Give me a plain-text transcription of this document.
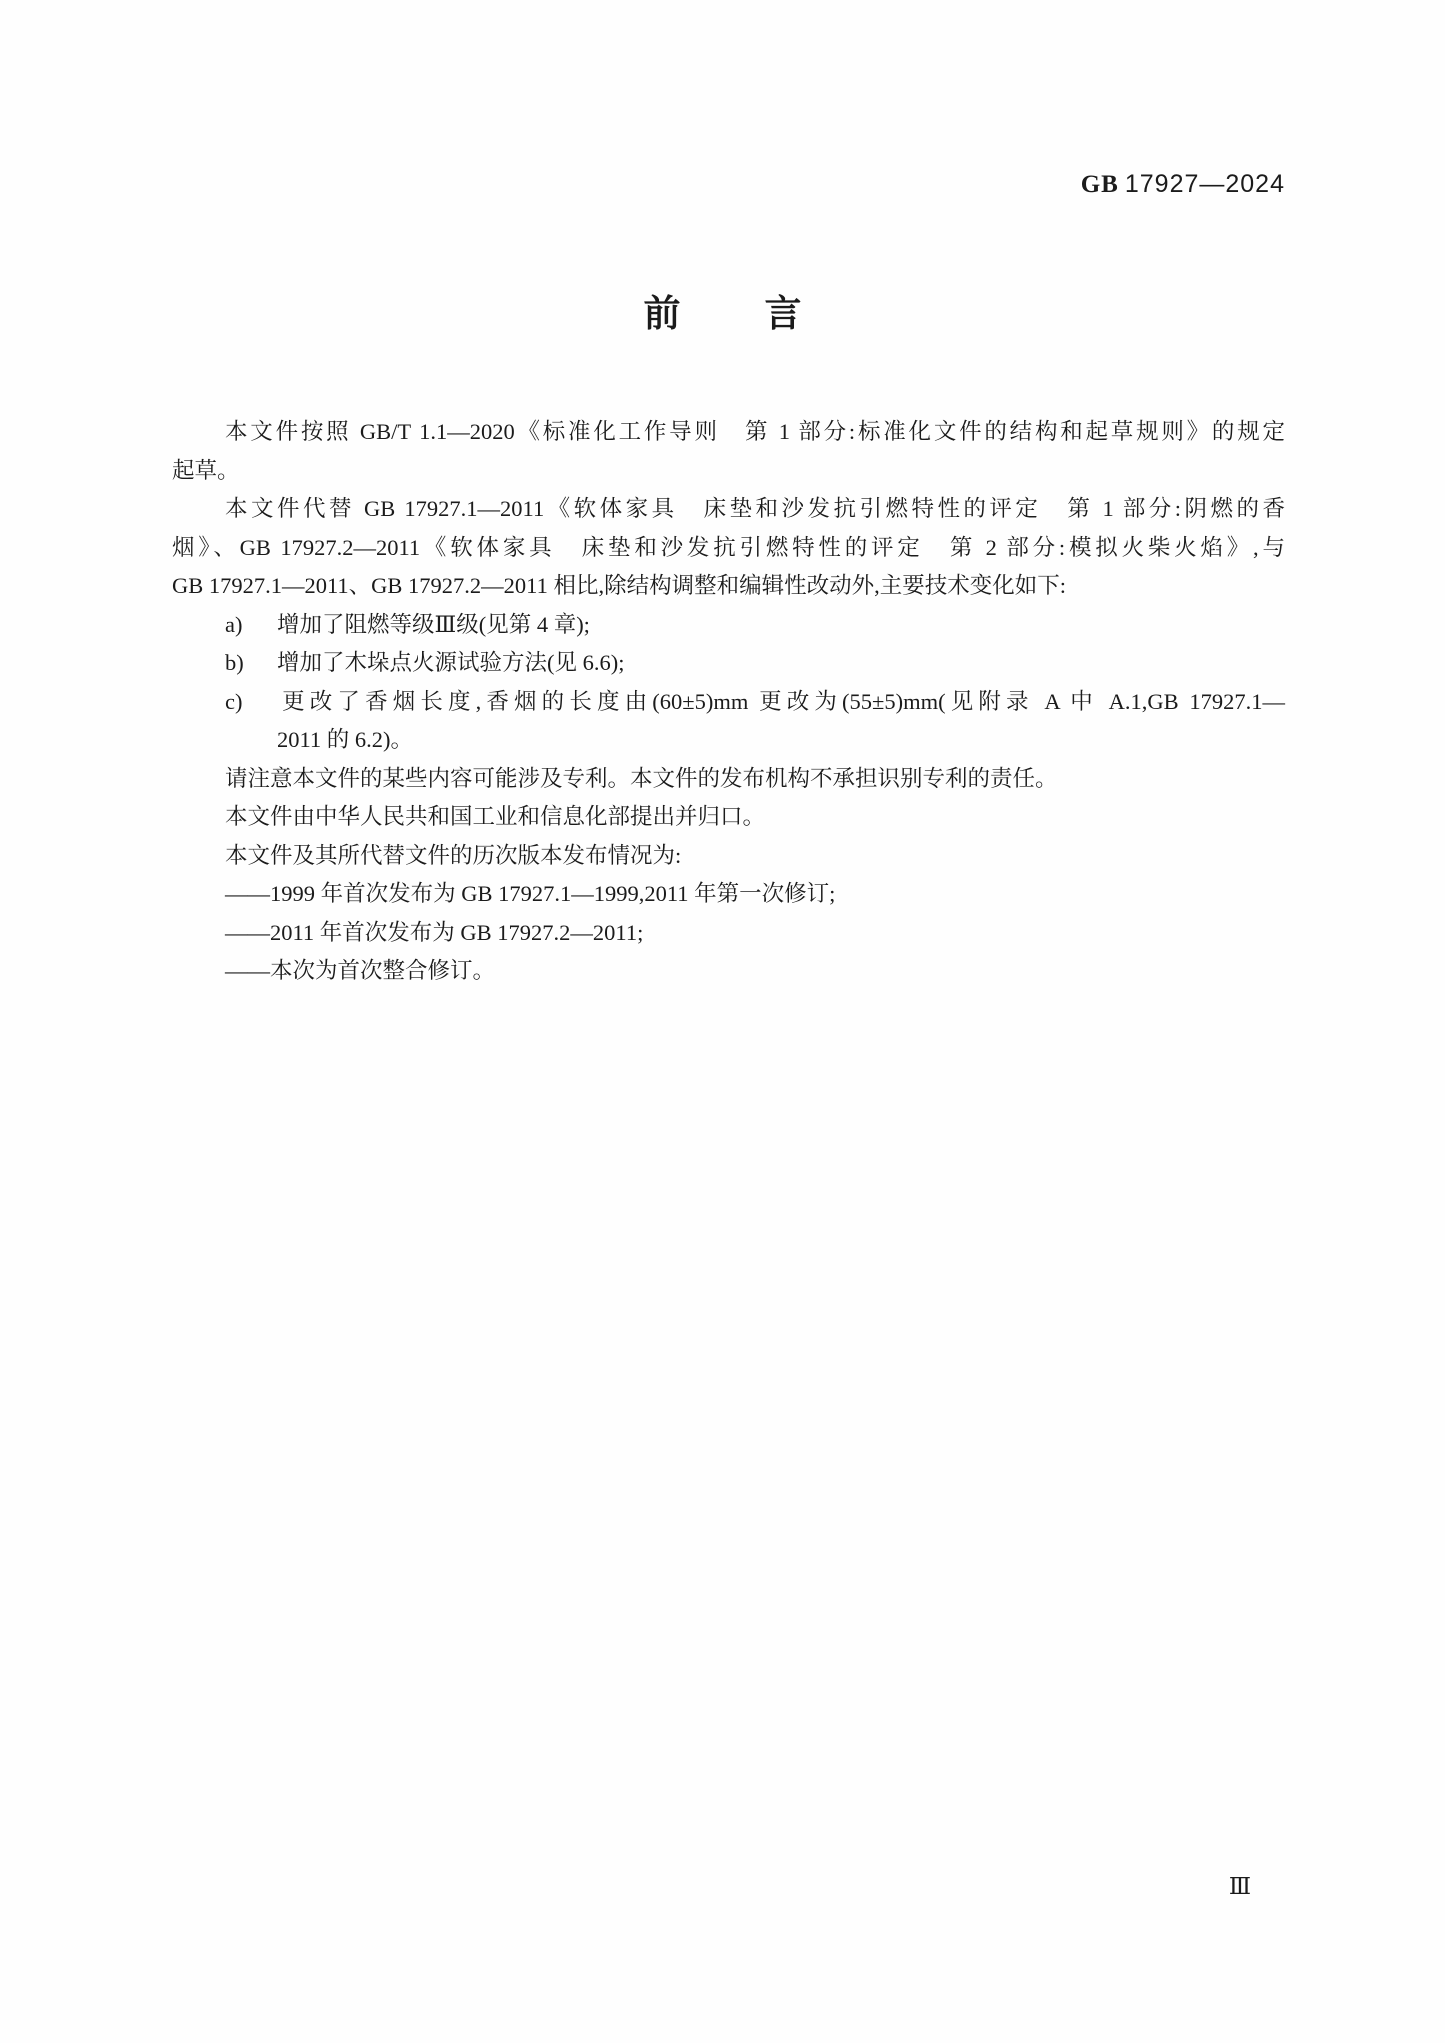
GB 17927—2024
前 言
本文件按照 GB/T 1.1—2020《标准化工作导则　第 1 部分:标准化文件的结构和起草规则》的规定
起草。
本文件代替 GB 17927.1—2011《软体家具　床垫和沙发抗引燃特性的评定　第 1 部分:阴燃的香
烟》、GB 17927.2—2011《软体家具　床垫和沙发抗引燃特性的评定　第 2 部分:模拟火柴火焰》,与
GB 17927.1—2011、GB 17927.2—2011 相比,除结构调整和编辑性改动外,主要技术变化如下:
a) 增加了阻燃等级Ⅲ级(见第 4 章);
b) 增加了木垛点火源试验方法(见 6.6);
c) 更改了香烟长度,香烟的长度由(60±5)mm 更改为(55±5)mm(见附录 A 中 A.1,GB 17927.1—
2011 的 6.2)。
请注意本文件的某些内容可能涉及专利。本文件的发布机构不承担识别专利的责任。
本文件由中华人民共和国工业和信息化部提出并归口。
本文件及其所代替文件的历次版本发布情况为:
——1999 年首次发布为 GB 17927.1—1999,2011 年第一次修订;
——2011 年首次发布为 GB 17927.2—2011;
——本次为首次整合修订。
Ⅲ
